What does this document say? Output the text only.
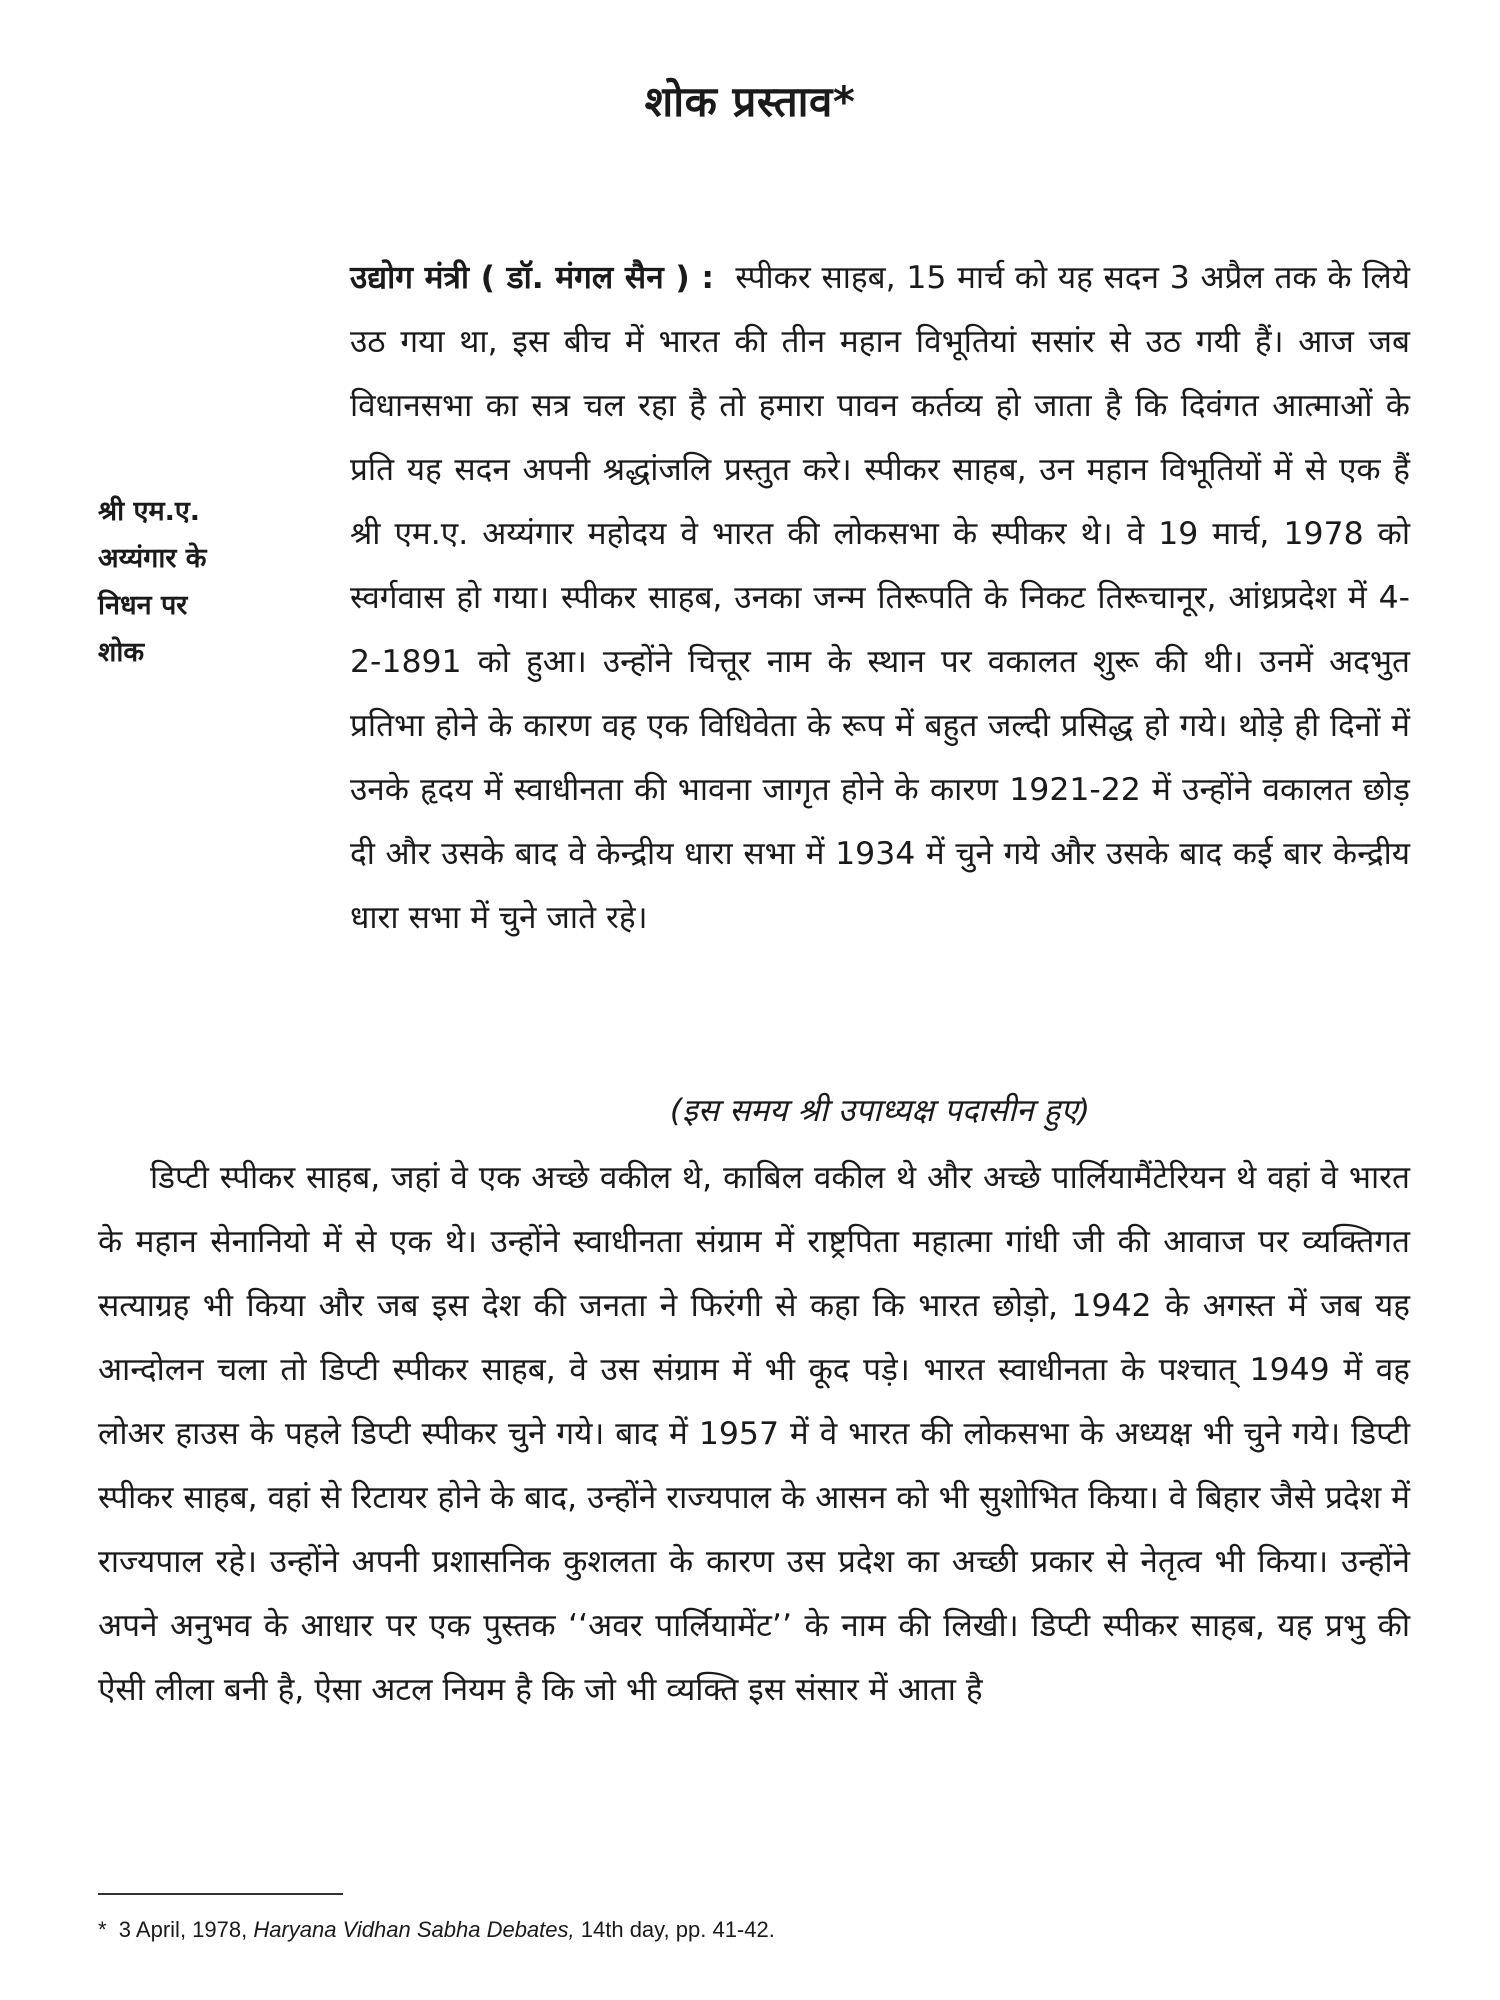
शोक प्रस्ताव*
श्री एम.ए.
अय्यंगार के
निधन पर
शोक
उद्योग मंत्री ( डॉ. मंगल सैन ) : स्पीकर साहब, 15 मार्च को यह सदन 3 अप्रैल तक के लिये उठ गया था, इस बीच में भारत की तीन महान विभूतियां ससांर से उठ गयी हैं। आज जब विधानसभा का सत्र चल रहा है तो हमारा पावन कर्तव्य हो जाता है कि दिवंगत आत्माओं के प्रति यह सदन अपनी श्रद्धांजलि प्रस्तुत करे। स्पीकर साहब, उन महान विभूतियों में से एक हैं श्री एम.ए. अय्यंगार महोदय वे भारत की लोकसभा के स्पीकर थे। वे 19 मार्च, 1978 को स्वर्गवास हो गया। स्पीकर साहब, उनका जन्म तिरूपति के निकट तिरूचानूर, आंध्रप्रदेश में 4-2-1891 को हुआ। उन्होंने चित्तूर नाम के स्थान पर वकालत शुरू की थी। उनमें अदभुत प्रतिभा होने के कारण वह एक विधिवेता के रूप में बहुत जल्दी प्रसिद्ध हो गये। थोड़े ही दिनों में उनके हृदय में स्वाधीनता की भावना जागृत होने के कारण 1921-22 में उन्होंने वकालत छोड़ दी और उसके बाद वे केन्द्रीय धारा सभा में 1934 में चुने गये और उसके बाद कई बार केन्द्रीय धारा सभा में चुने जाते रहे।
(इस समय श्री उपाध्यक्ष पदासीन हुए)
डिप्टी स्पीकर साहब, जहां वे एक अच्छे वकील थे, काबिल वकील थे और अच्छे पार्लियामैंटेरियन थे वहां वे भारत के महान सेनानियो में से एक थे। उन्होंने स्वाधीनता संग्राम में राष्ट्रपिता महात्मा गांधी जी की आवाज पर व्यक्तिगत सत्याग्रह भी किया और जब इस देश की जनता ने फिरंगी से कहा कि भारत छोड़ो, 1942 के अगस्त में जब यह आन्दोलन चला तो डिप्टी स्पीकर साहब, वे उस संग्राम में भी कूद पड़े। भारत स्वाधीनता के पश्चात् 1949 में वह लोअर हाउस के पहले डिप्टी स्पीकर चुने गये। बाद में 1957 में वे भारत की लोकसभा के अध्यक्ष भी चुने गये। डिप्टी स्पीकर साहब, वहां से रिटायर होने के बाद, उन्होंने राज्यपाल के आसन को भी सुशोभित किया। वे बिहार जैसे प्रदेश में राज्यपाल रहे। उन्होंने अपनी प्रशासनिक कुशलता के कारण उस प्रदेश का अच्छी प्रकार से नेतृत्व भी किया। उन्होंने अपने अनुभव के आधार पर एक पुस्तक ‘‘अवर पार्लियामेंट’’ के नाम की लिखी। डिप्टी स्पीकर साहब, यह प्रभु की ऐसी लीला बनी है, ऐसा अटल नियम है कि जो भी व्यक्ति इस संसार में आता है
* 3 April, 1978, Haryana Vidhan Sabha Debates, 14th day, pp. 41-42.
